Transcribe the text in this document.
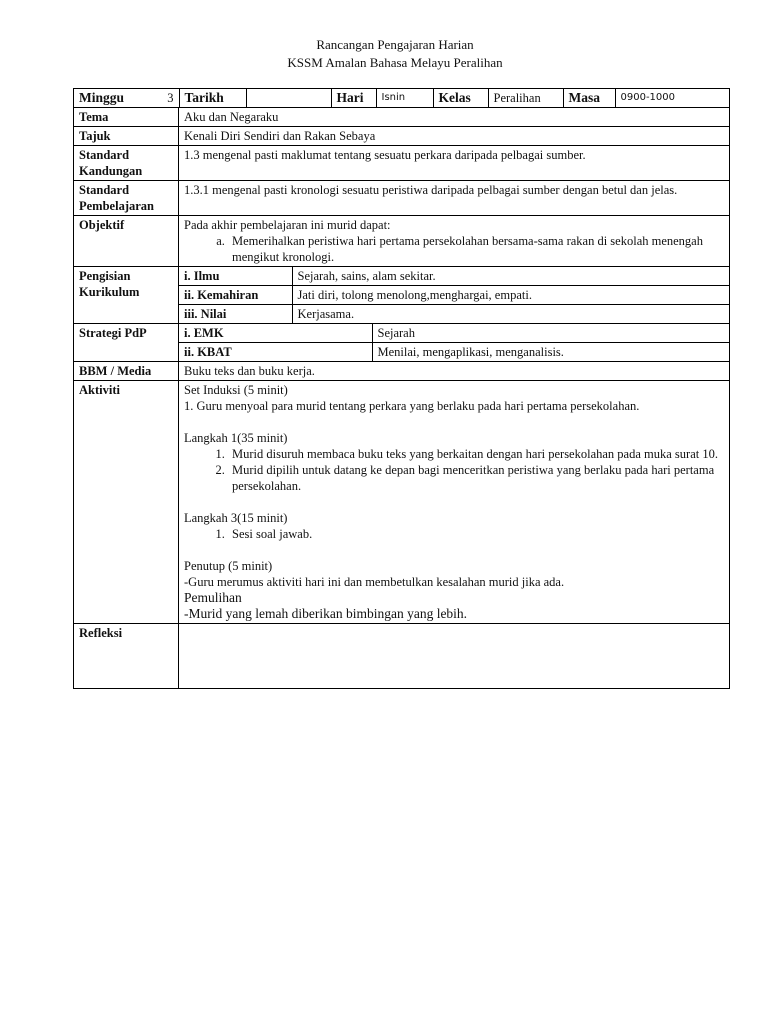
Rancangan Pengajaran Harian
KSSM Amalan Bahasa Melayu Peralihan
Minggu	3	Tarikh		Hari	Isnin	Kelas	Peralihan	Masa	0900-1000

Tema	Aku dan Negaraku
Tajuk	Kenali Diri Sendiri dan Rakan Sebaya
Standard Kandungan	1.3 mengenal pasti maklumat tentang sesuatu perkara daripada pelbagai sumber.
Standard Pembelajaran	1.3.1 mengenal pasti kronologi sesuatu peristiwa daripada pelbagai sumber dengan betul dan jelas.
Objektif	Pada akhir pembelajaran ini murid dapat:
a. Memerihalkan peristiwa hari pertama persekolahan bersama-sama rakan di sekolah menengah mengikut kronologi.

Pengisian Kurikulum	
i. Ilmu	Sejarah, sains, alam sekitar.
ii. Kemahiran	Jati diri, tolong menolong,menghargai, empati.
iii. Nilai	Kerjasama.

Strategi PdP		i. EMK	Sejarah
ii. KBAT	Menilai, mengaplikasi, menganalisis.

BBM / Media	Buku teks dan buku kerja.
Aktiviti	Set Induksi (5 minit)
1. Guru menyoal para murid tentang perkara yang berlaku pada hari pertama persekolahan.
Langkah 1(35 minit)
1. Murid disuruh membaca buku teks yang berkaitan dengan hari persekolahan pada muka surat 10.
2. Murid dipilih untuk datang ke depan bagi menceritkan peristiwa yang berlaku pada hari pertama persekolahan.
Langkah 3(15 minit)
1. Sesi soal jawab.
Penutup (5 minit)
-Guru merumus aktiviti hari ini dan membetulkan kesalahan murid jika ada.
Pemulihan
-Murid yang lemah diberikan bimbingan yang lebih.

Refleksi	
